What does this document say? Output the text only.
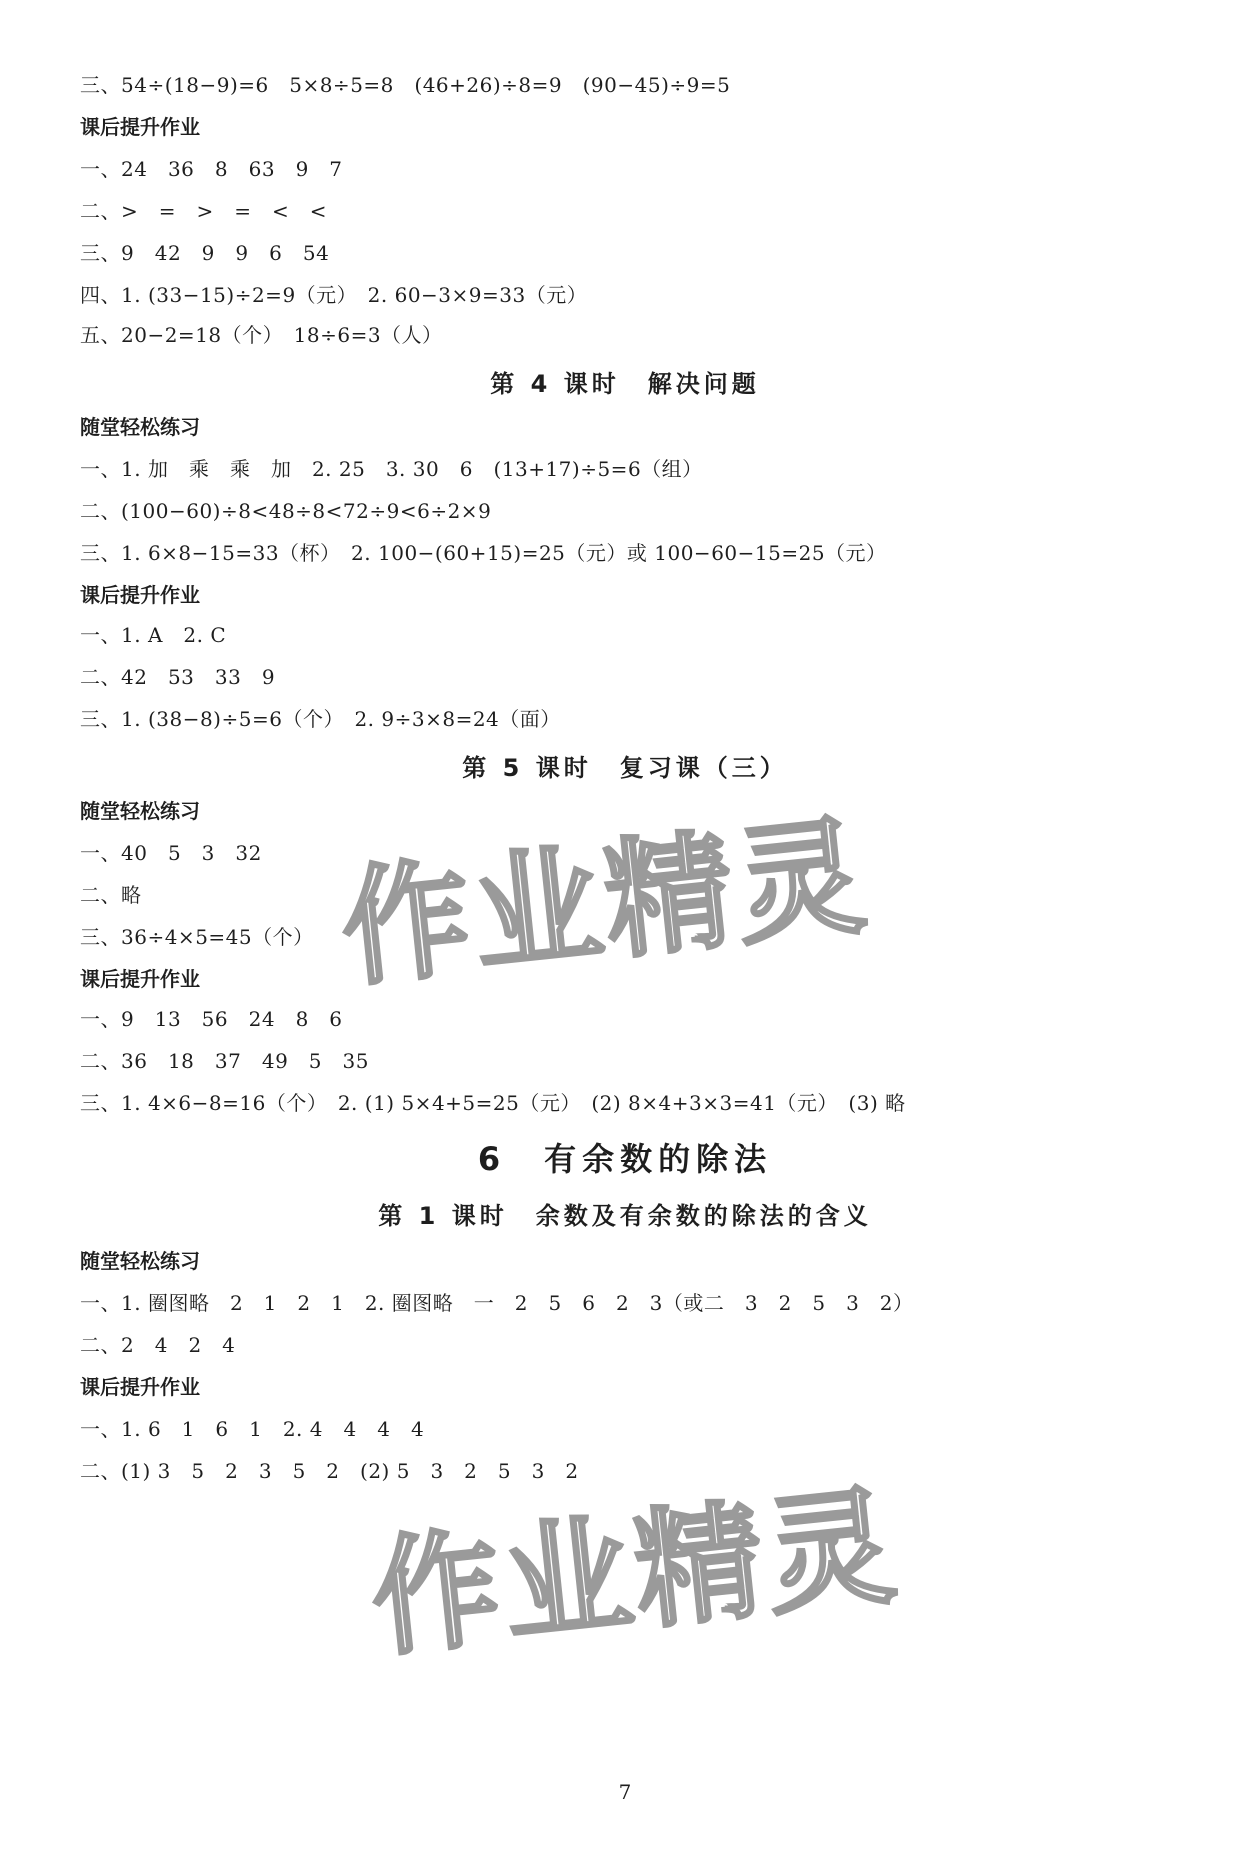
三、54÷(18−9)=6　5×8÷5=8　(46+26)÷8=9　(90−45)÷9=5
课后提升作业
一、24　36　8　63　9　7
二、>　=　>　=　<　<
三、9　42　9　9　6　54
四、1. (33−15)÷2=9（元）　2. 60−3×9=33（元）
五、20−2=18（个）　18÷6=3（人）
第 4 课时　解决问题
随堂轻松练习
一、1. 加　乘　乘　加　2. 25　3. 30　6　(13+17)÷5=6（组）
二、(100−60)÷8<48÷8<72÷9<6÷2×9
三、1. 6×8−15=33（杯）　2. 100−(60+15)=25（元）或 100−60−15=25（元）
课后提升作业
一、1. A　2. C
二、42　53　33　9
三、1. (38−8)÷5=6（个）　2. 9÷3×8=24（面）
第 5 课时　复习课（三）
随堂轻松练习
一、40　5　3　32
二、略
三、36÷4×5=45（个）
课后提升作业
一、9　13　56　24　8　6
二、36　18　37　49　5　35
三、1. 4×6−8=16（个）　2. (1) 5×4+5=25（元）　(2) 8×4+3×3=41（元）　(3) 略
6　有余数的除法
第 1 课时　余数及有余数的除法的含义
随堂轻松练习
一、1. 圈图略　2　1　2　1　2. 圈图略　一　2　5　6　2　3（或二　3　2　5　3　2）
二、2　4　2　4
课后提升作业
一、1. 6　1　6　1　2. 4　4　4　4
二、(1) 3　5　2　3　5　2　(2) 5　3　2　5　3　2
7
作业精灵
作业精灵
